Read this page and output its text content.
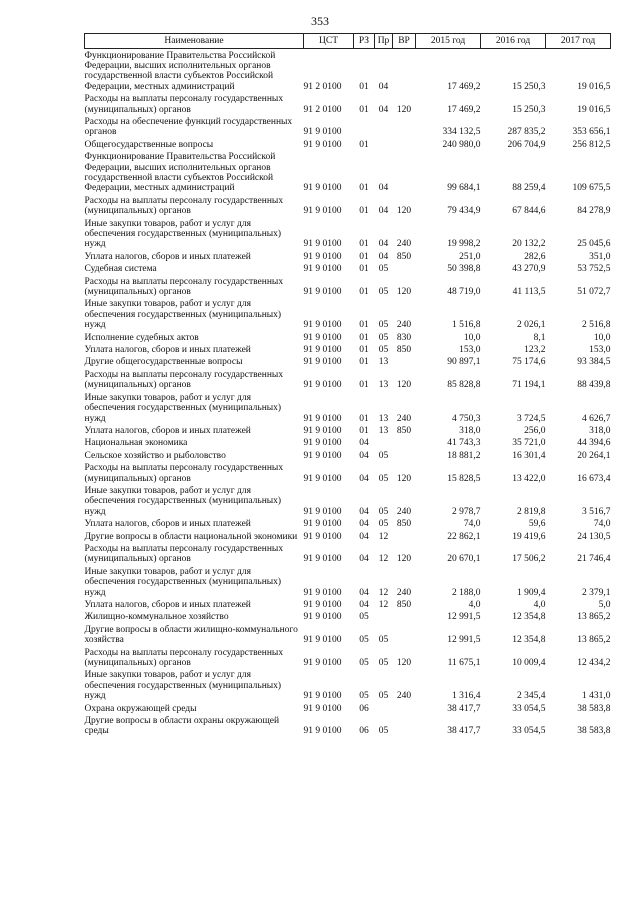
353
Наименование	ЦСТ	РЗ	Пр	ВР	2015 год	2016 год	2017 год
Функционирование Правительства Российской Федерации, высших исполнительных органов государственной власти субъектов Российской Федерации, местных администраций	91 2 0100	01	04		17 469,2	15 250,3	19 016,5
Расходы на выплаты персоналу государственных (муниципальных) органов	91 2 0100	01	04	120	17 469,2	15 250,3	19 016,5
Расходы на обеспечение функций государственных органов	91 9 0100				334 132,5	287 835,2	353 656,1
Общегосударственные вопросы	91 9 0100	01			240 980,0	206 704,9	256 812,5
Функционирование Правительства Российской Федерации, высших исполнительных органов государственной власти субъектов Российской Федерации, местных администраций	91 9 0100	01	04		99 684,1	88 259,4	109 675,5
Расходы на выплаты персоналу государственных (муниципальных) органов	91 9 0100	01	04	120	79 434,9	67 844,6	84 278,9
Иные закупки товаров, работ и услуг для обеспечения государственных (муниципальных) нужд	91 9 0100	01	04	240	19 998,2	20 132,2	25 045,6
Уплата налогов, сборов и иных платежей	91 9 0100	01	04	850	251,0	282,6	351,0
Судебная система	91 9 0100	01	05		50 398,8	43 270,9	53 752,5
Расходы на выплаты персоналу государственных (муниципальных) органов	91 9 0100	01	05	120	48 719,0	41 113,5	51 072,7
Иные закупки товаров, работ и услуг для обеспечения государственных (муниципальных) нужд	91 9 0100	01	05	240	1 516,8	2 026,1	2 516,8
Исполнение судебных актов	91 9 0100	01	05	830	10,0	8,1	10,0
Уплата налогов, сборов и иных платежей	91 9 0100	01	05	850	153,0	123,2	153,0
Другие общегосударственные вопросы	91 9 0100	01	13		90 897,1	75 174,6	93 384,5
Расходы на выплаты персоналу государственных (муниципальных) органов	91 9 0100	01	13	120	85 828,8	71 194,1	88 439,8
Иные закупки товаров, работ и услуг для обеспечения государственных (муниципальных) нужд	91 9 0100	01	13	240	4 750,3	3 724,5	4 626,7
Уплата налогов, сборов и иных платежей	91 9 0100	01	13	850	318,0	256,0	318,0
Национальная экономика	91 9 0100	04			41 743,3	35 721,0	44 394,6
Сельское хозяйство и рыболовство	91 9 0100	04	05		18 881,2	16 301,4	20 264,1
Расходы на выплаты персоналу государственных (муниципальных) органов	91 9 0100	04	05	120	15 828,5	13 422,0	16 673,4
Иные закупки товаров, работ и услуг для обеспечения государственных (муниципальных) нужд	91 9 0100	04	05	240	2 978,7	2 819,8	3 516,7
Уплата налогов, сборов и иных платежей	91 9 0100	04	05	850	74,0	59,6	74,0
Другие вопросы в области национальной экономики	91 9 0100	04	12		22 862,1	19 419,6	24 130,5
Расходы на выплаты персоналу государственных (муниципальных) органов	91 9 0100	04	12	120	20 670,1	17 506,2	21 746,4
Иные закупки товаров, работ и услуг для обеспечения государственных (муниципальных) нужд	91 9 0100	04	12	240	2 188,0	1 909,4	2 379,1
Уплата налогов, сборов и иных платежей	91 9 0100	04	12	850	4,0	4,0	5,0
Жилищно-коммунальное хозяйство	91 9 0100	05			12 991,5	12 354,8	13 865,2
Другие вопросы в области жилищно-коммунального хозяйства	91 9 0100	05	05		12 991,5	12 354,8	13 865,2
Расходы на выплаты персоналу государственных (муниципальных) органов	91 9 0100	05	05	120	11 675,1	10 009,4	12 434,2
Иные закупки товаров, работ и услуг для обеспечения государственных (муниципальных) нужд	91 9 0100	05	05	240	1 316,4	2 345,4	1 431,0
Охрана окружающей среды	91 9 0100	06			38 417,7	33 054,5	38 583,8
Другие вопросы в области охраны окружающей среды	91 9 0100	06	05		38 417,7	33 054,5	38 583,8
